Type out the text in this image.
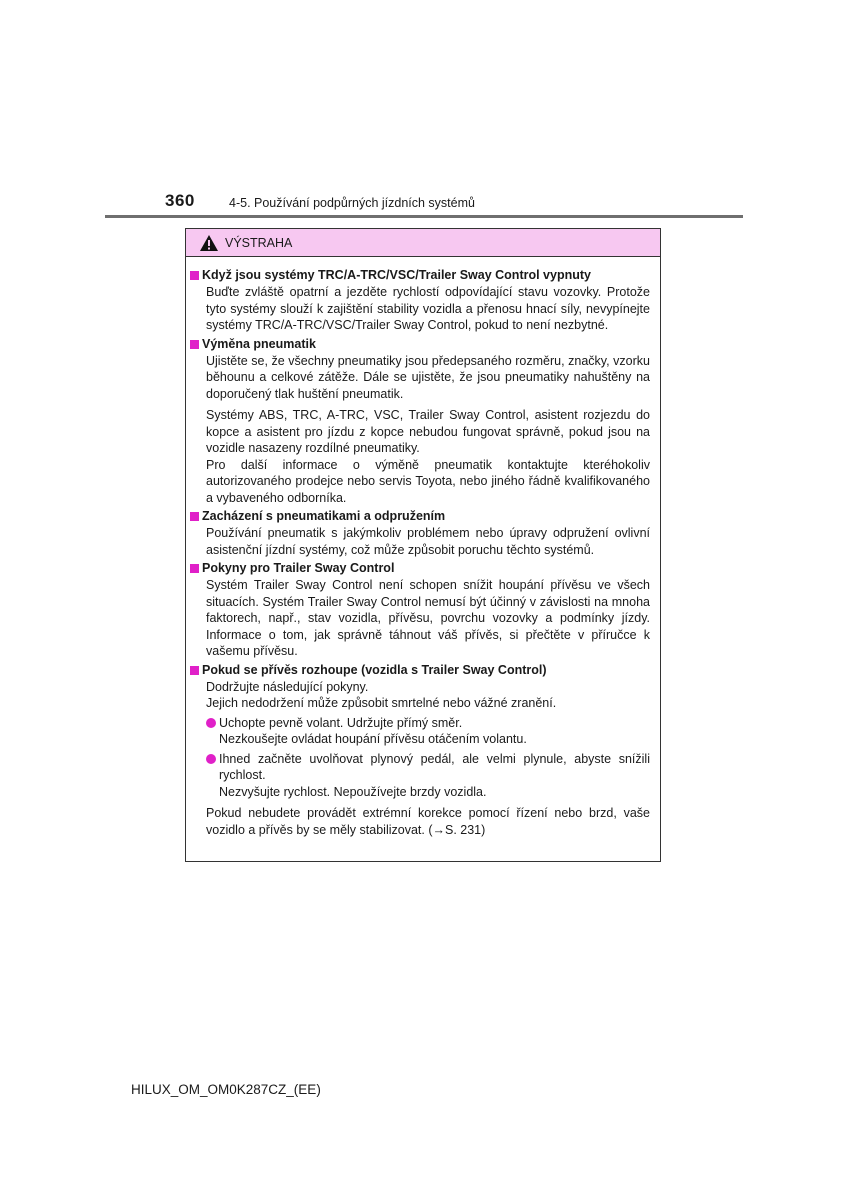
360	4-5. Používání podpůrných jízdních systémů
VÝSTRAHA
Když jsou systémy TRC/A-TRC/VSC/Trailer Sway Control vypnuty

Buďte zvláště opatrní a jezděte rychlostí odpovídající stavu vozovky. Protože tyto systémy slouží k zajištění stability vozidla a přenosu hnací síly, nevypínejte systémy TRC/A-TRC/VSC/Trailer Sway Control, pokud to není nezbytné.

Výměna pneumatik

Ujistěte se, že všechny pneumatiky jsou předepsaného rozměru, značky, vzorku běhounu a celkové zátěže. Dále se ujistěte, že jsou pneumatiky nahuštěny na doporučený tlak huštění pneumatik.

Systémy ABS, TRC, A-TRC, VSC, Trailer Sway Control, asistent rozjezdu do kopce a asistent pro jízdu z kopce nebudou fungovat správně, pokud jsou na vozidle nasazeny rozdílné pneumatiky.

Pro další informace o výměně pneumatik kontaktujte kteréhokoliv autorizovaného prodejce nebo servis Toyota, nebo jiného řádně kvalifikovaného a vybaveného odborníka.

Zacházení s pneumatikami a odpružením

Používání pneumatik s jakýmkoliv problémem nebo úpravy odpružení ovlivní asistenční jízdní systémy, což může způsobit poruchu těchto systémů.

Pokyny pro Trailer Sway Control

Systém Trailer Sway Control není schopen snížit houpání přívěsu ve všech situacích. Systém Trailer Sway Control nemusí být účinný v závislosti na mnoha faktorech, např., stav vozidla, přívěsu, povrchu vozovky a podmínky jízdy. Informace o tom, jak správně táhnout váš přívěs, si přečtěte v příručce k vašemu přívěsu.

Pokud se přívěs rozhoupe (vozidla s Trailer Sway Control)

Dodržujte následující pokyny.

Jejich nedodržení může způsobit smrtelné nebo vážné zranění.

Uchopte pevně volant. Udržujte přímý směr.
Nezkoušejte ovládat houpání přívěsu otáčením volantu.
Ihned začněte uvolňovat plynový pedál, ale velmi plynule, abyste snížili rychlost.
Nezvyšujte rychlost. Nepoužívejte brzdy vozidla.

Pokud nebudete provádět extrémní korekce pomocí řízení nebo brzd, vaše vozidlo a přívěs by se měly stabilizovat. (→S. 231)

HILUX_OM_OM0K287CZ_(EE)
